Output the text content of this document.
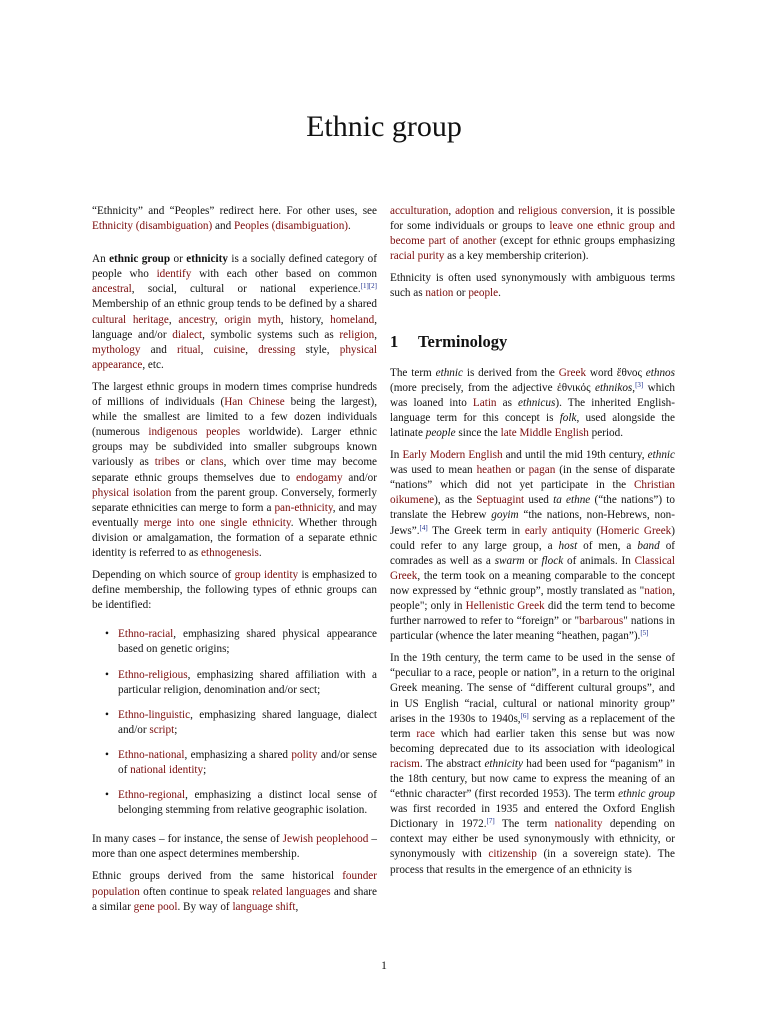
Ethnic group

“Ethnicity” and “Peoples” redirect here. For other uses, see Ethnicity (disambiguation) and Peoples (disambiguation).

An ethnic group or ethnicity is a socially defined category of people who identify with each other based on common ancestral, social, cultural or national experience.[1][2] Membership of an ethnic group tends to be defined by a shared cultural heritage, ancestry, origin myth, history, homeland, language and/or dialect, symbolic systems such as religion, mythology and ritual, cuisine, dressing style, physical appearance, etc.

The largest ethnic groups in modern times comprise hundreds of millions of individuals (Han Chinese being the largest), while the smallest are limited to a few dozen individuals (numerous indigenous peoples worldwide). Larger ethnic groups may be subdivided into smaller subgroups known variously as tribes or clans, which over time may become separate ethnic groups themselves due to endogamy and/or physical isolation from the parent group. Conversely, formerly separate ethnicities can merge to form a pan-ethnicity, and may eventually merge into one single ethnicity. Whether through division or amalgamation, the formation of a separate ethnic identity is referred to as ethnogenesis.

Depending on which source of group identity is emphasized to define membership, the following types of ethnic groups can be identified:

• Ethno-racial, emphasizing shared physical appearance based on genetic origins;
• Ethno-religious, emphasizing shared affiliation with a particular religion, denomination and/or sect;
• Ethno-linguistic, emphasizing shared language, dialect and/or script;
• Ethno-national, emphasizing a shared polity and/or sense of national identity;
• Ethno-regional, emphasizing a distinct local sense of belonging stemming from relative geographic isolation.

In many cases – for instance, the sense of Jewish peoplehood – more than one aspect determines membership.

Ethnic groups derived from the same historical founder population often continue to speak related languages and share a similar gene pool. By way of language shift,

acculturation, adoption and religious conversion, it is possible for some individuals or groups to leave one ethnic group and become part of another (except for ethnic groups emphasizing racial purity as a key membership criterion).

Ethnicity is often used synonymously with ambiguous terms such as nation or people.

1 Terminology

The term ethnic is derived from the Greek word ἔθνος ethnos (more precisely, from the adjective ἐθνικός ethnikos,[3] which was loaned into Latin as ethnicus). The inherited English-language term for this concept is folk, used alongside the latinate people since the late Middle English period.

In Early Modern English and until the mid 19th century, ethnic was used to mean heathen or pagan (in the sense of disparate “nations” which did not yet participate in the Christian oikumene), as the Septuagint used ta ethne (“the nations”) to translate the Hebrew goyim “the nations, non-Hebrews, non-Jews”.[4] The Greek term in early antiquity (Homeric Greek) could refer to any large group, a host of men, a band of comrades as well as a swarm or flock of animals. In Classical Greek, the term took on a meaning comparable to the concept now expressed by “ethnic group”, mostly translated as "nation, people"; only in Hellenistic Greek did the term tend to become further narrowed to refer to “foreign” or "barbarous" nations in particular (whence the later meaning “heathen, pagan”).[5]

In the 19th century, the term came to be used in the sense of “peculiar to a race, people or nation”, in a return to the original Greek meaning. The sense of “different cultural groups”, and in US English “racial, cultural or national minority group” arises in the 1930s to 1940s,[6] serving as a replacement of the term race which had earlier taken this sense but was now becoming deprecated due to its association with ideological racism. The abstract ethnicity had been used for “paganism” in the 18th century, but now came to express the meaning of an “ethnic character” (first recorded 1953). The term ethnic group was first recorded in 1935 and entered the Oxford English Dictionary in 1972.[7] The term nationality depending on context may either be used synonymously with ethnicity, or synonymously with citizenship (in a sovereign state). The process that results in the emergence of an ethnicity is

1
